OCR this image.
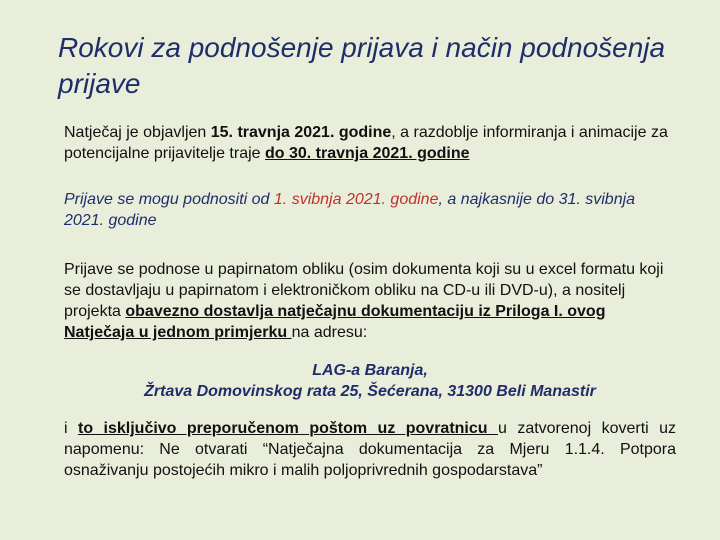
Rokovi za podnošenje prijava i način podnošenja prijave

Natječaj je objavljen 15. travnja 2021. godine, a razdoblje informiranja i animacije za potencijalne prijavitelje traje do 30. travnja 2021. godine

Prijave se mogu podnositi od 1. svibnja 2021. godine, a najkasnije do 31. svibnja 2021. godine

Prijave se podnose u papirnatom obliku (osim dokumenta koji su u excel formatu koji se dostavljaju u papirnatom i elektroničkom obliku na CD-u ili DVD-u), a nositelj projekta obavezno dostavlja natječajnu dokumentaciju iz Priloga I. ovog Natječaja u jednom primjerku na adresu:

LAG-a Baranja,
Žrtava Domovinskog rata 25, Šećerana, 31300 Beli Manastir

i to isključivo preporučenom poštom uz povratnicu u zatvorenoj koverti uz napomenu: Ne otvarati “Natječajna dokumentacija za Mjeru 1.1.4. Potpora osnaživanju postojećih mikro i malih poljoprivrednih gospodarstava”
